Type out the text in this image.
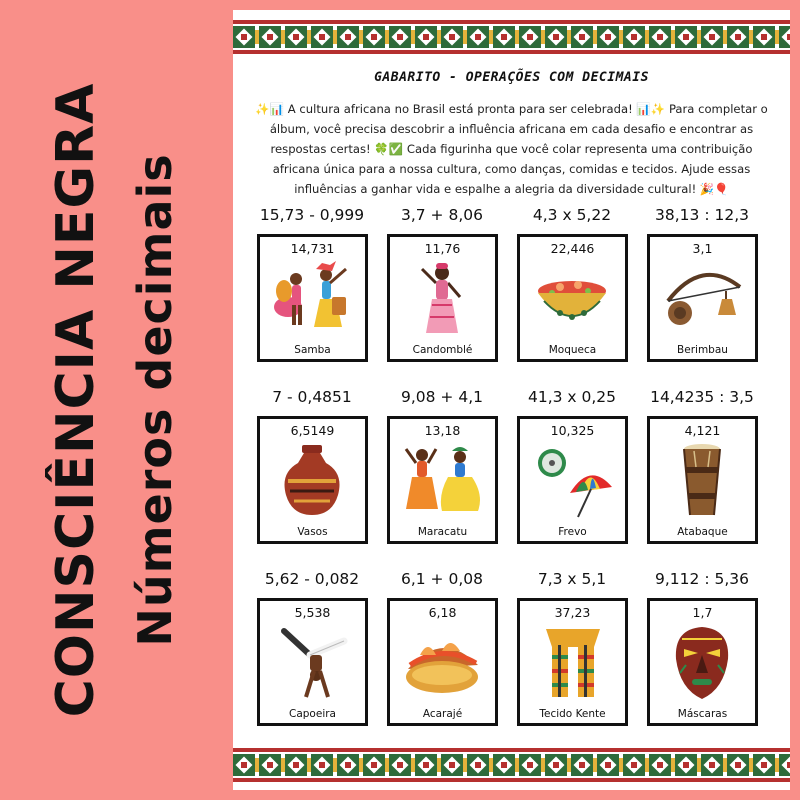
CONSCIÊNCIA NEGRA Números decimais
GABARITO - OPERAÇÕES COM DECIMAIS
✨📊 A cultura africana no Brasil está pronta para ser celebrada! 📊✨ Para completar o álbum, você precisa descobrir a influência africana em cada desafio e encontrar as respostas certas! 🍀✅ Cada figurinha que você colar representa uma contribuição africana única para a nossa cultura, como danças, comidas e tecidos. Ajude essas influências a ganhar vida e espalhe a alegria da diversidade cultural! 🎉🎈
15,73 - 0,999
14,731
Samba
3,7 + 8,06
11,76
Candomblé
4,3 x 5,22
22,446
Moqueca
38,13 : 12,3
3,1
Berimbau
7 - 0,4851
6,5149
Vasos
9,08 + 4,1
13,18
Maracatu
41,3 x 0,25
10,325
Frevo
14,4235 : 3,5
4,121
Atabaque
5,62 - 0,082
5,538
Capoeira
6,1 + 0,08
6,18
Acarajé
7,3 x 5,1
37,23
Tecido Kente
9,112 : 5,36
1,7
Máscaras
